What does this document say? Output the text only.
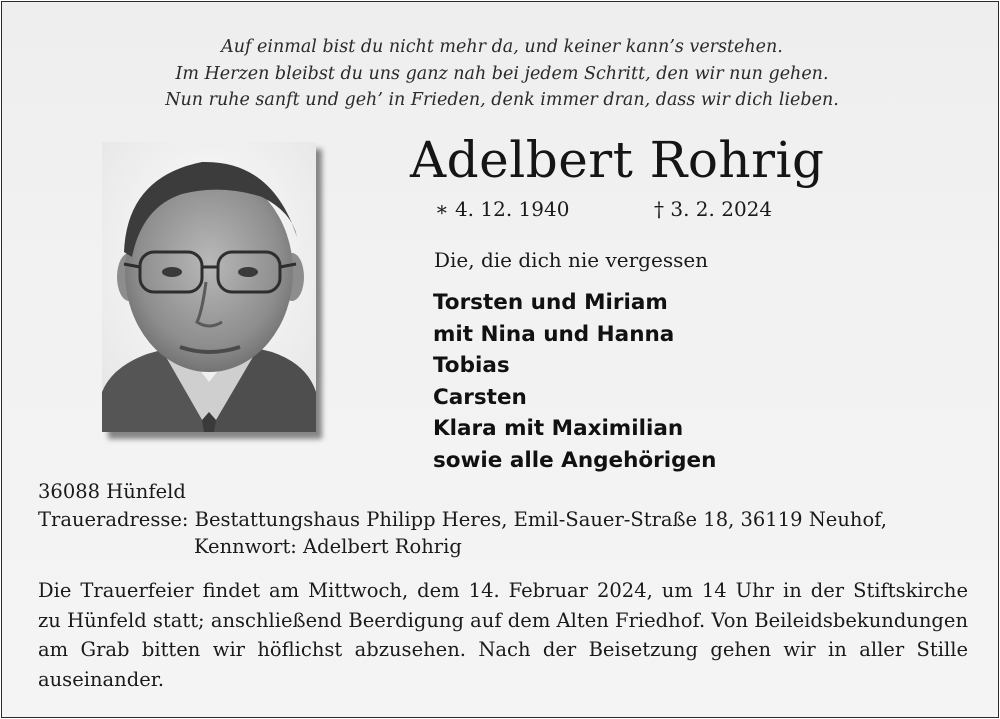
Auf einmal bist du nicht mehr da, und keiner kann’s verstehen.
Im Herzen bleibst du uns ganz nah bei jedem Schritt, den wir nun gehen.
Nun ruhe sanft und geh’ in Frieden, denk immer dran, dass wir dich lieben.
Adelbert Rohrig
∗ 4. 12. 1940	† 3. 2. 2024
Die, die dich nie vergessen
Torsten und Miriam
mit Nina und Hanna
Tobias
Carsten
Klara mit Maximilian
sowie alle Angehörigen
36088 Hünfeld
Traueradresse: Bestattungshaus Philipp Heres, Emil-Sauer-Straße 18, 36119 Neuhof,
Kennwort: Adelbert Rohrig
Die Trauerfeier findet am Mittwoch, dem 14. Februar 2024, um 14 Uhr in der Stiftskirche
zu Hünfeld statt; anschließend Beerdigung auf dem Alten Friedhof. Von Beileidsbekundungen
am Grab bitten wir höflichst abzusehen. Nach der Beisetzung gehen wir in aller Stille
auseinander.
